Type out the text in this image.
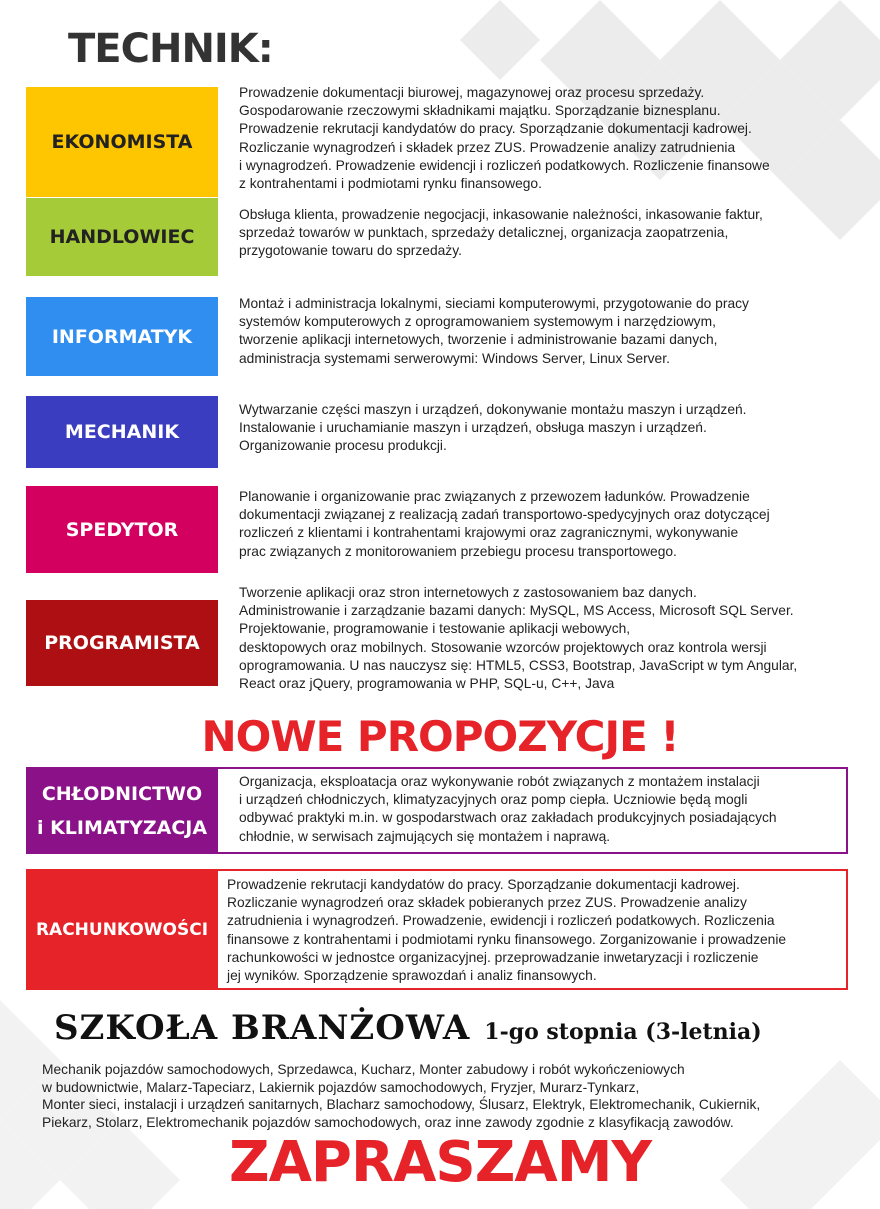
TECHNIK:
EKONOMISTA
Prowadzenie dokumentacji biurowej, magazynowej oraz procesu sprzedaży.
Gospodarowanie rzeczowymi składnikami majątku. Sporządzanie biznesplanu.
Prowadzenie rekrutacji kandydatów do pracy. Sporządzanie dokumentacji kadrowej.
Rozliczanie wynagrodzeń i składek przez ZUS. Prowadzenie analizy zatrudnienia
i wynagrodzeń. Prowadzenie ewidencji i rozliczeń podatkowych. Rozliczenie finansowe
z kontrahentami i podmiotami rynku finansowego.
HANDLOWIEC
Obsługa klienta, prowadzenie negocjacji, inkasowanie należności, inkasowanie faktur,
sprzedaż towarów w punktach, sprzedaży detalicznej, organizacja zaopatrzenia,
przygotowanie towaru do sprzedaży.
INFORMATYK
Montaż i administracja lokalnymi, sieciami komputerowymi, przygotowanie do pracy
systemów komputerowych z oprogramowaniem systemowym i narzędziowym,
tworzenie aplikacji internetowych, tworzenie i administrowanie bazami danych,
administracja systemami serwerowymi: Windows Server, Linux Server.
MECHANIK
Wytwarzanie części maszyn i urządzeń, dokonywanie montażu maszyn i urządzeń.
Instalowanie i uruchamianie maszyn i urządzeń, obsługa maszyn i urządzeń.
Organizowanie procesu produkcji.
SPEDYTOR
Planowanie i organizowanie prac związanych z przewozem ładunków. Prowadzenie
dokumentacji związanej z realizacją zadań transportowo-spedycyjnych oraz dotyczącej
rozliczeń z klientami i kontrahentami krajowymi oraz zagranicznymi, wykonywanie
prac związanych z monitorowaniem przebiegu procesu transportowego.
PROGRAMISTA
Tworzenie aplikacji oraz stron internetowych z zastosowaniem baz danych.
Administrowanie i zarządzanie bazami danych: MySQL, MS Access, Microsoft SQL Server.
Projektowanie, programowanie i testowanie aplikacji webowych,
desktopowych oraz mobilnych. Stosowanie wzorców projektowych oraz kontrola wersji
oprogramowania. U nas nauczysz się: HTML5, CSS3, Bootstrap, JavaScript w tym Angular,
React oraz jQuery, programowania w PHP, SQL-u, C++, Java
NOWE PROPOZYCJE !
CHŁODNICTWO
i KLIMATYZACJA
Organizacja, eksploatacja oraz wykonywanie robót związanych z montażem instalacji
i urządzeń chłodniczych, klimatyzacyjnych oraz pomp ciepła. Uczniowie będą mogli
odbywać praktyki m.in. w gospodarstwach oraz zakładach produkcyjnych posiadających
chłodnie, w serwisach zajmujących się montażem i naprawą.
RACHUNKOWOŚCI
Prowadzenie rekrutacji kandydatów do pracy. Sporządzanie dokumentacji kadrowej.
Rozliczanie wynagrodzeń oraz składek pobieranych przez ZUS. Prowadzenie analizy
zatrudnienia i wynagrodzeń. Prowadzenie, ewidencji i rozliczeń podatkowych. Rozliczenia
finansowe z kontrahentami i podmiotami rynku finansowego. Zorganizowanie i prowadzenie
rachunkowości w jednostce organizacyjnej. przeprowadzanie inwetaryzacji i rozliczenie
jej wyników. Sporządzenie sprawozdań i analiz finansowych.
SZKOŁA BRANŻOWA 1-go stopnia (3-letnia)
Mechanik pojazdów samochodowych, Sprzedawca, Kucharz, Monter zabudowy i robót wykończeniowych
w budownictwie, Malarz-Tapeciarz, Lakiernik pojazdów samochodowych, Fryzjer, Murarz-Tynkarz,
Monter sieci, instalacji i urządzeń sanitarnych, Blacharz samochodowy, Ślusarz, Elektryk, Elektromechanik, Cukiernik,
Piekarz, Stolarz, Elektromechanik pojazdów samochodowych, oraz inne zawody zgodnie z klasyfikacją zawodów.
ZAPRASZAMY
